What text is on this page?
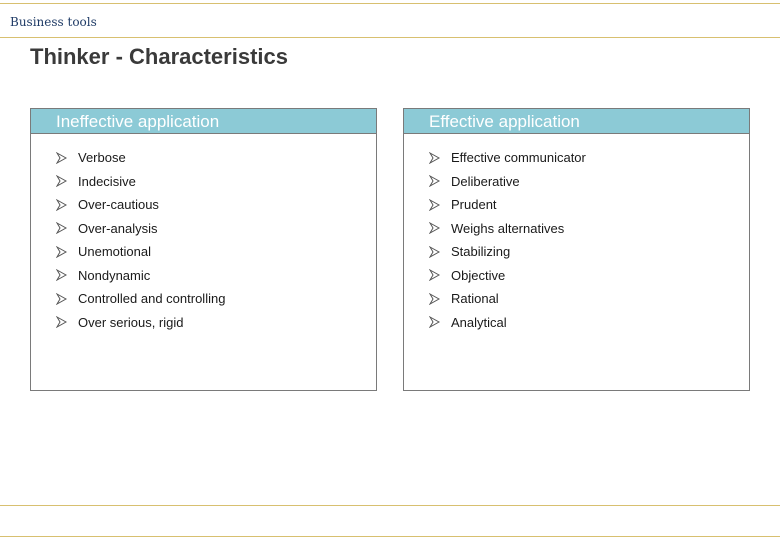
Business tools
Thinker - Characteristics
Ineffective application
Verbose
Indecisive
Over-cautious
Over-analysis
Unemotional
Nondynamic
Controlled and controlling
Over serious, rigid
Effective application
Effective communicator
Deliberative
Prudent
Weighs alternatives
Stabilizing
Objective
Rational
Analytical
